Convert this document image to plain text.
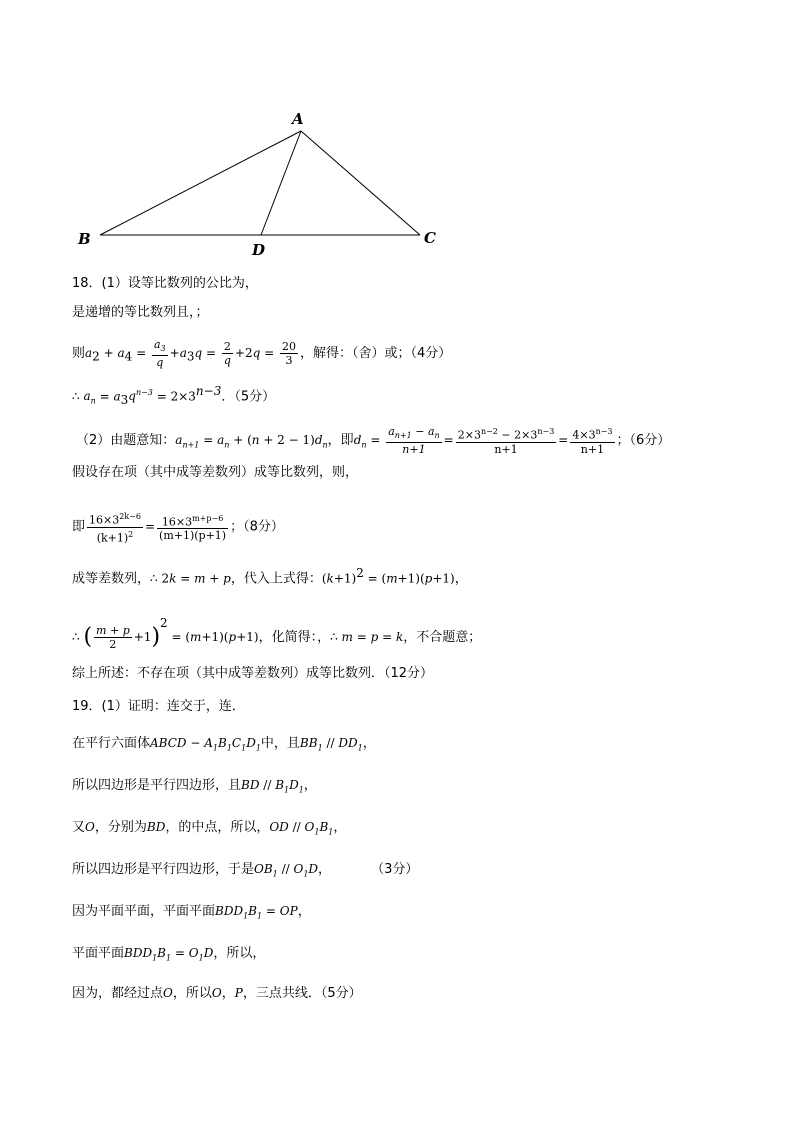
A
B	C
D
18．(1）设等比数列的公比为，
是递增的等比数列且，；
则$a_2 + a_4 = \frac{a_3}{q} +a_3q = \frac{2}{q} +2q = \frac{20}{3}$ ，解得：（舍）或；（4分）
∴ $a_n = a_3q^{n-3} = 2\times 3^{n-3}$．（5分）
（2）由题意知：$a_{n+1} = a_n + (n + 2 - 1)d_n$，即$d_n = \frac{a_{n+1} - a_n}{n+1} = \frac{2\times 3^{n-2} - 2\times 3^{n-3}}{n+1} = \frac{4\times 3^{n-3}}{n+1}$ ；（6分）
假设存在项（其中成等差数列）成等比数列，则，
即 $\frac{16\times 3^{2k-6}}{(k+1)^2} = \frac{16\times 3^{m+p-6}}{(m+1)(p+1)}$ ；（8分）
成等差数列，∴ 2k = m + p，代入上式得：$(k+1)^2 = (m+1)(p+1)$，
∴ ( $\frac{m + p}{2} +1)^2 = (m+1)(p+1)$，化简得：，∴ m = p = k，不合题意；
综上所述：不存在项（其中成等差数列）成等比数列．（12分）
19．(1）证明：连交于，连．
在平行六面体ABCD − $A_1B_1C_1D_1$中，且$BB_1 // DD_1$，
所以四边形是平行四边形，且BD // $B_1D_1$，
又O，分别为BD，的中点，所以，OD // $O_1B_1$，
所以四边形是平行四边形，于是$OB_1 // O_1D$，	（3分）
因为平面平面，平面平面$BDD_1B_1$ = OP，
平面平面$BDD_1B_1 = O_1D$，所以，
因为，都经过点O，所以O，P，三点共线．（5分）
